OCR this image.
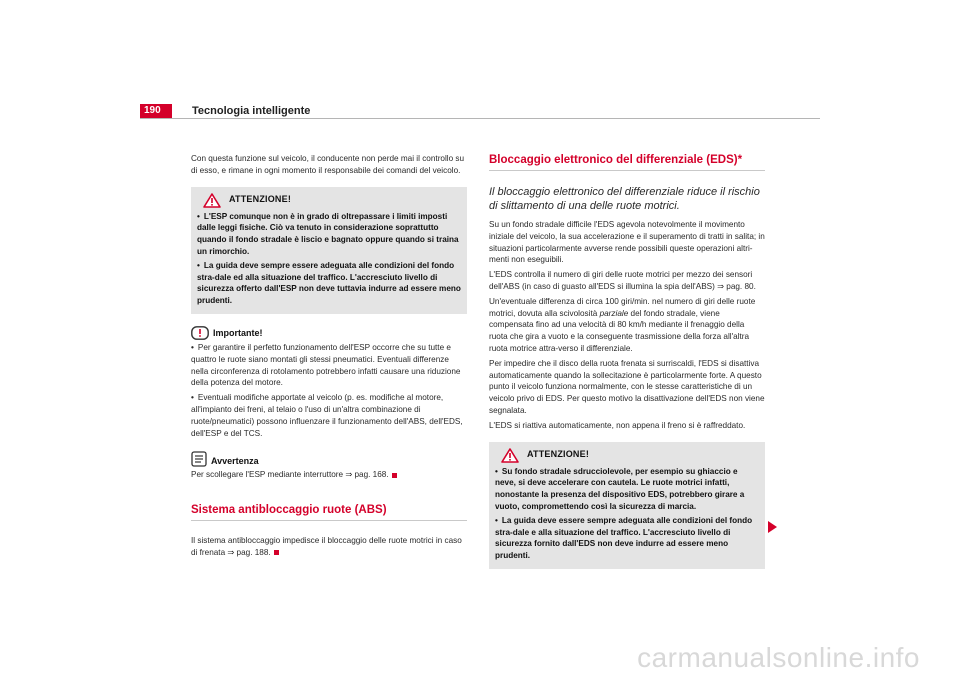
190	Tecnologia intelligente

Con questa funzione sul veicolo, il conducente non perde mai il controllo su di esso, e rimane in ogni momento il responsabile dei comandi del veicolo.

ATTENZIONE!

• L'ESP comunque non è in grado di oltrepassare i limiti imposti dalle leggi fisiche. Ciò va tenuto in considerazione soprattutto quando il fondo stradale è liscio e bagnato oppure quando si traina un rimorchio.

• La guida deve sempre essere adeguata alle condizioni del fondo stra-dale ed alla situazione del traffico. L'accresciuto livello di sicurezza offerto dall'ESP non deve tuttavia indurre ad essere meno prudenti.

Importante!

• Per garantire il perfetto funzionamento dell'ESP occorre che su tutte e quattro le ruote siano montati gli stessi pneumatici. Eventuali differenze nella circonferenza di rotolamento potrebbero infatti causare una riduzione della potenza del motore.

• Eventuali modifiche apportate al veicolo (p. es. modifiche al motore, all'impianto dei freni, al telaio o l'uso di un'altra combinazione di ruote/pneumatici) possono influenzare il funzionamento dell'ABS, dell'EDS, dell'ESP e del TCS.

Avvertenza

Per scollegare l'ESP mediante interruttore ⇒ pag. 168.

Sistema antibloccaggio ruote (ABS)

Il sistema antibloccaggio impedisce il bloccaggio delle ruote motrici in caso di frenata ⇒ pag. 188.

Bloccaggio elettronico del differenziale (EDS)*

Il bloccaggio elettronico del differenziale riduce il rischio di slittamento di una delle ruote motrici.

Su un fondo stradale difficile l'EDS agevola notevolmente il movimento iniziale del veicolo, la sua accelerazione e il superamento di tratti in salita; in situazioni particolarmente avverse rende possibili queste operazioni altri-menti non eseguibili.

L'EDS controlla il numero di giri delle ruote motrici per mezzo dei sensori dell'ABS (in caso di guasto all'EDS si illumina la spia dell'ABS) ⇒ pag. 80.

Un'eventuale differenza di circa 100 giri/min. nel numero di giri delle ruote motrici, dovuta alla scivolosità parziale del fondo stradale, viene compensata fino ad una velocità di 80 km/h mediante il frenaggio della ruota che gira a vuoto e la conseguente trasmissione della forza all'altra ruota motrice attra-verso il differenziale.

Per impedire che il disco della ruota frenata si surriscaldi, l'EDS si disattiva automaticamente quando la sollecitazione è particolarmente forte. A questo punto il veicolo funziona normalmente, con le stesse caratteristiche di un veicolo privo di EDS. Per questo motivo la disattivazione dell'EDS non viene segnalata.

L'EDS si riattiva automaticamente, non appena il freno si è raffreddato.

ATTENZIONE!

• Su fondo stradale sdrucciolevole, per esempio su ghiaccio e neve, si deve accelerare con cautela. Le ruote motrici infatti, nonostante la presenza del dispositivo EDS, potrebbero girare a vuoto, compromettendo così la sicurezza di marcia.

• La guida deve essere sempre adeguata alle condizioni del fondo stra-dale e alla situazione del traffico. L'accresciuto livello di sicurezza fornito dall'EDS non deve indurre ad essere meno prudenti.

carmanualsonline.info
